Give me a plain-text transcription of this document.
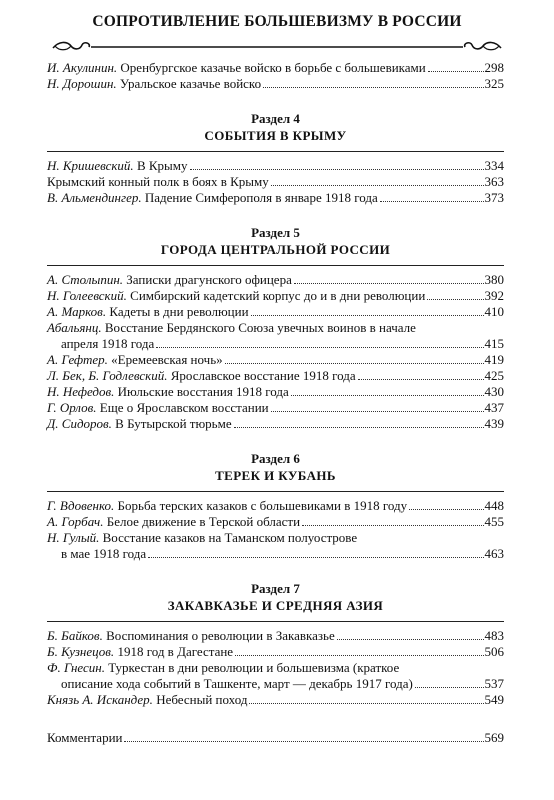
СОПРОТИВЛЕНИЕ БОЛЬШЕВИЗМУ В РОССИИ
И. Акулинин. Оренбургское казачье войско в борьбе с большевиками	298
Н. Дорошин. Уральское казачье войско	325
Раздел 4
СОБЫТИЯ В КРЫМУ
Н. Кришевский. В Крыму	334
Крымский конный полк в боях в Крыму	363
В. Альмендингер. Падение Симферополя в январе 1918 года	373
Раздел 5
ГОРОДА ЦЕНТРАЛЬНОЙ РОССИИ
А. Столыпин. Записки драгунского офицера	380
Н. Голеевский. Симбирский кадетский корпус до и в дни революции	392
А. Марков. Кадеты в дни революции	410
Абальянц. Восстание Бердянского Союза увечных воинов в начале
апреля 1918 года	415
А. Гефтер. «Еремеевская ночь»	419
Л. Бек, Б. Годлевский. Ярославское восстание 1918 года	425
Н. Нефедов. Июльские восстания 1918 года	430
Г. Орлов. Еще о Ярославском восстании	437
Д. Сидоров. В Бутырской тюрьме	439
Раздел 6
ТЕРЕК И КУБАНЬ
Г. Вдовенко. Борьба терских казаков с большевиками в 1918 году	448
А. Горбач. Белое движение в Терской области	455
Н. Гулый. Восстание казаков на Таманском полуострове
в мае 1918 года	463
Раздел 7
ЗАКАВКАЗЬЕ И СРЕДНЯЯ АЗИЯ
Б. Байков. Воспоминания о революции в Закавказье	483
Б. Кузнецов. 1918 год в Дагестане	506
Ф. Гнесин. Туркестан в дни революции и большевизма (краткое
описание хода событий в Ташкенте, март — декабрь 1917 года)	537
Князь А. Искандер. Небесный поход	549
Комментарии	569
